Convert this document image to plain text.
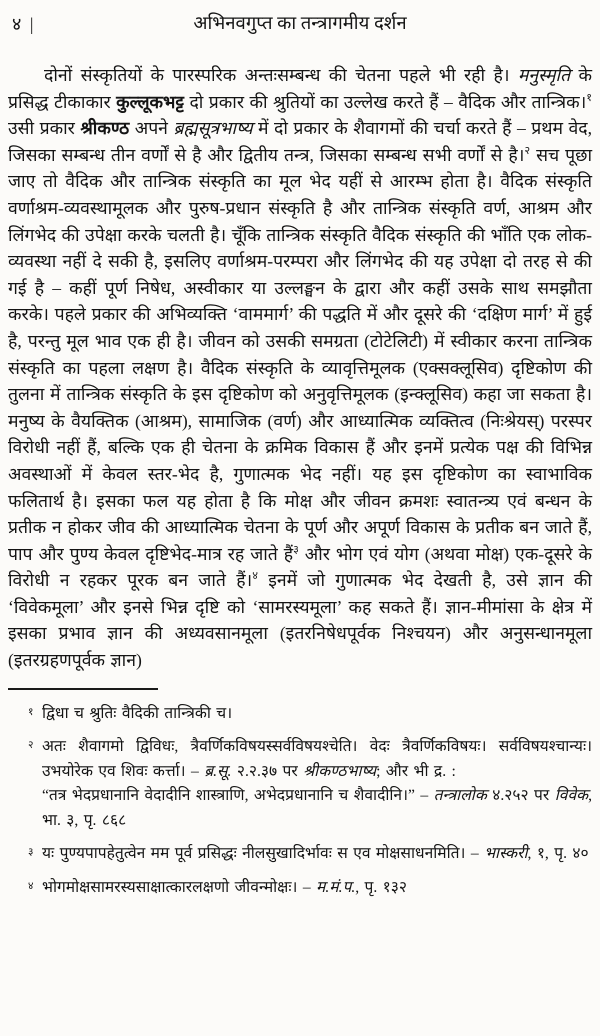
४ |	अभिनवगुप्त का तन्त्रागमीय दर्शन

दोनों संस्कृतियों के पारस्परिक अन्तःसम्बन्ध की चेतना पहले भी रही है। मनुस्मृति के प्रसिद्ध टीकाकार कुल्लूकभट्ट दो प्रकार की श्रुतियों का उल्लेख करते हैं – वैदिक और तान्त्रिक।$^१$ उसी प्रकार श्रीकण्ठ अपने ब्रह्मसूत्रभाष्य में दो प्रकार के शैवागमों की चर्चा करते हैं – प्रथम वेद, जिसका सम्बन्ध तीन वर्णों से है और द्वितीय तन्त्र, जिसका सम्बन्ध सभी वर्णों से है।$^२$ सच पूछा जाए तो वैदिक और तान्त्रिक संस्कृति का मूल भेद यहीं से आरम्भ होता है। वैदिक संस्कृति वर्णाश्रम-व्यवस्थामूलक और पुरुष-प्रधान संस्कृति है और तान्त्रिक संस्कृति वर्ण, आश्रम और लिंगभेद की उपेक्षा करके चलती है। चूँकि तान्त्रिक संस्कृति वैदिक संस्कृति की भाँति एक लोक-व्यवस्था नहीं दे सकी है, इसलिए वर्णाश्रम-परम्परा और लिंगभेद की यह उपेक्षा दो तरह से की गई है – कहीं पूर्ण निषेध, अस्वीकार या उल्लङ्घन के द्वारा और कहीं उसके साथ समझौता करके। पहले प्रकार की अभिव्यक्ति ‘वाममार्ग’ की पद्धति में और दूसरे की ‘दक्षिण मार्ग’ में हुई है, परन्तु मूल भाव एक ही है। जीवन को उसकी समग्रता (टोटेलिटी) में स्वीकार करना तान्त्रिक संस्कृति का पहला लक्षण है। वैदिक संस्कृति के व्यावृत्तिमूलक (एक्सक्लूसिव) दृष्टिकोण की तुलना में तान्त्रिक संस्कृति के इस दृष्टिकोण को अनुवृत्तिमूलक (इन्क्लूसिव) कहा जा सकता है। मनुष्य के वैयक्तिक (आश्रम), सामाजिक (वर्ण) और आध्यात्मिक व्यक्तित्व (निःश्रेयस्) परस्पर विरोधी नहीं हैं, बल्कि एक ही चेतना के क्रमिक विकास हैं और इनमें प्रत्येक पक्ष की विभिन्न अवस्थाओं में केवल स्तर-भेद है, गुणात्मक भेद नहीं। यह इस दृष्टिकोण का स्वाभाविक फलितार्थ है। इसका फल यह होता है कि मोक्ष और जीवन क्रमशः स्वातन्त्र्य एवं बन्धन के प्रतीक न होकर जीव की आध्यात्मिक चेतना के पूर्ण और अपूर्ण विकास के प्रतीक बन जाते हैं, पाप और पुण्य केवल दृष्टिभेद-मात्र रह जाते हैं$^३$ और भोग एवं योग (अथवा मोक्ष) एक-दूसरे के विरोधी न रहकर पूरक बन जाते हैं।$^४$ इनमें जो गुणात्मक भेद देखती है, उसे ज्ञान की ‘विवेकमूला’ और इनसे भिन्न दृष्टि को ‘सामरस्यमूला’ कह सकते हैं। ज्ञान-मीमांसा के क्षेत्र में इसका प्रभाव ज्ञान की अध्यवसानमूला (इतरनिषेधपूर्वक निश्चयन) और अनुसन्धानमूला (इतरग्रहणपूर्वक ज्ञान)

१ द्विधा च श्रुतिः वैदिकी तान्त्रिकी च।
२ अतः शैवागमो द्विविधः, त्रैवर्णिकविषयस्सर्वविषयश्चेति। वेदः त्रैवर्णिकविषयः। सर्वविषयश्चान्यः। उभयोरेक एव शिवः कर्त्ता। – ब्र.सू. २.२.३७ पर श्रीकण्ठभाष्य; और भी द्र. :
“तत्र भेदप्रधानानि वेदादीनि शास्त्राणि, अभेदप्रधानानि च शैवादीनि।” – तन्त्रालोक ४.२५२ पर विवेक, भा. ३, पृ. ८६८
३ यः पुण्यपापहेतुत्वेन मम पूर्व प्रसिद्धः नीलसुखादिर्भावः स एव मोक्षसाधनमिति। – भास्करी, १, पृ. ४०
४ भोगमोक्षसामरस्यसाक्षात्कारलक्षणो जीवन्मोक्षः। – म.मं.प., पृ. १३२
